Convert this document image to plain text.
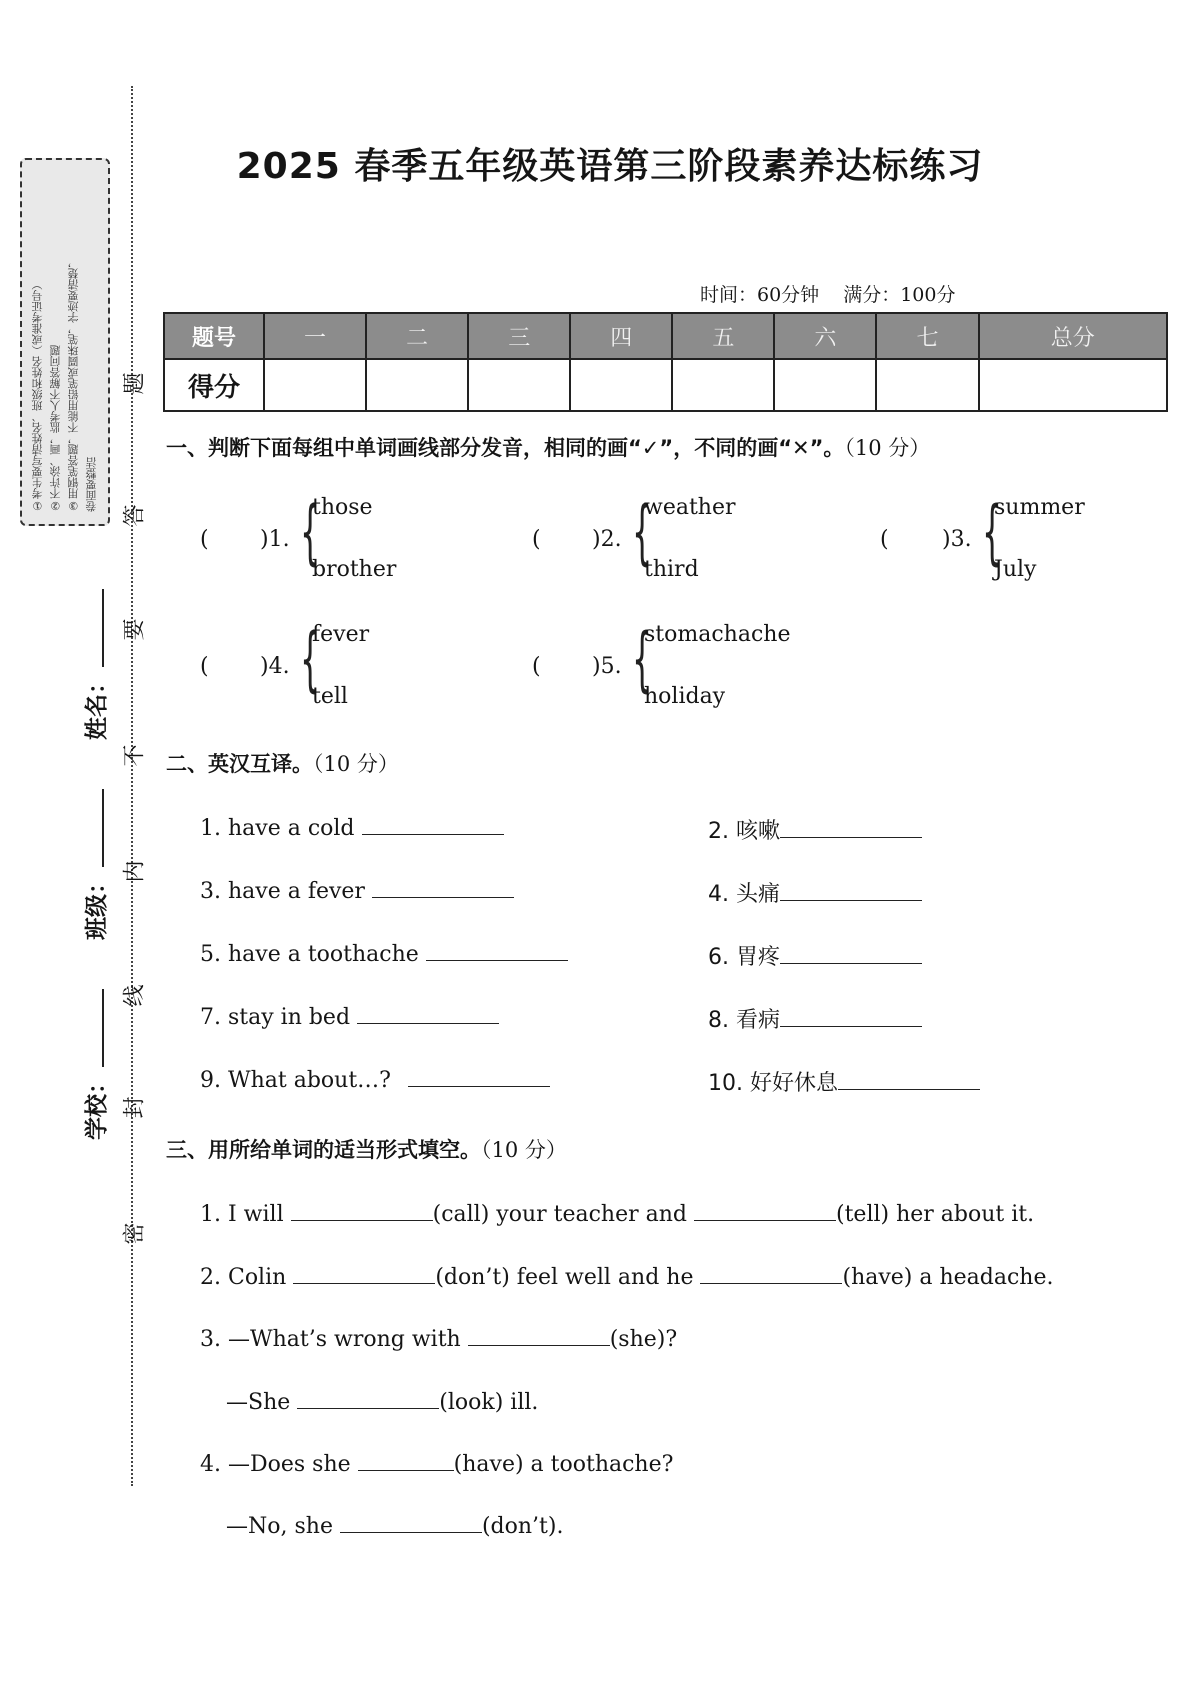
题
答
要
不
内
线
封
密
①考生要写清姓名、班级和姓名（或准考证号） ②不许涂、画，监考人不解答问题 ③用钢笔答题，不能用铅笔或圆珠笔，字迹要清楚， 卷面要整洁
姓名：
班级：
学校：
2025 春季五年级英语第三阶段素养达标练习
时间：60分钟 满分：100分
题号	一	二	三	四	五	六	七	总分
得分								
一、判断下面每组中单词画线部分发音，相同的画“✓”，不同的画“✕”。（10 分）
( )1. {
those
brother
( )2. {
weather
third
( )3. {
summer
July
( )4. {
fever
tell
( )5. {
stomachache
holiday
二、英汉互译。（10 分）
1. have a cold
3. have a fever
5. have a toothache
7. stay in bed
9. What about…?
2. 咳嗽
4. 头痛
6. 胃疼
8. 看病
10. 好好休息
三、用所给单词的适当形式填空。（10 分）
1. I will	(call) your teacher and	(tell) her about it.
2. Colin	(don’t) feel well and he	(have) a headache.
3. —What’s wrong with	(she)?
—She	(look) ill.
4. —Does she	(have) a toothache?
—No, she	(don’t).
